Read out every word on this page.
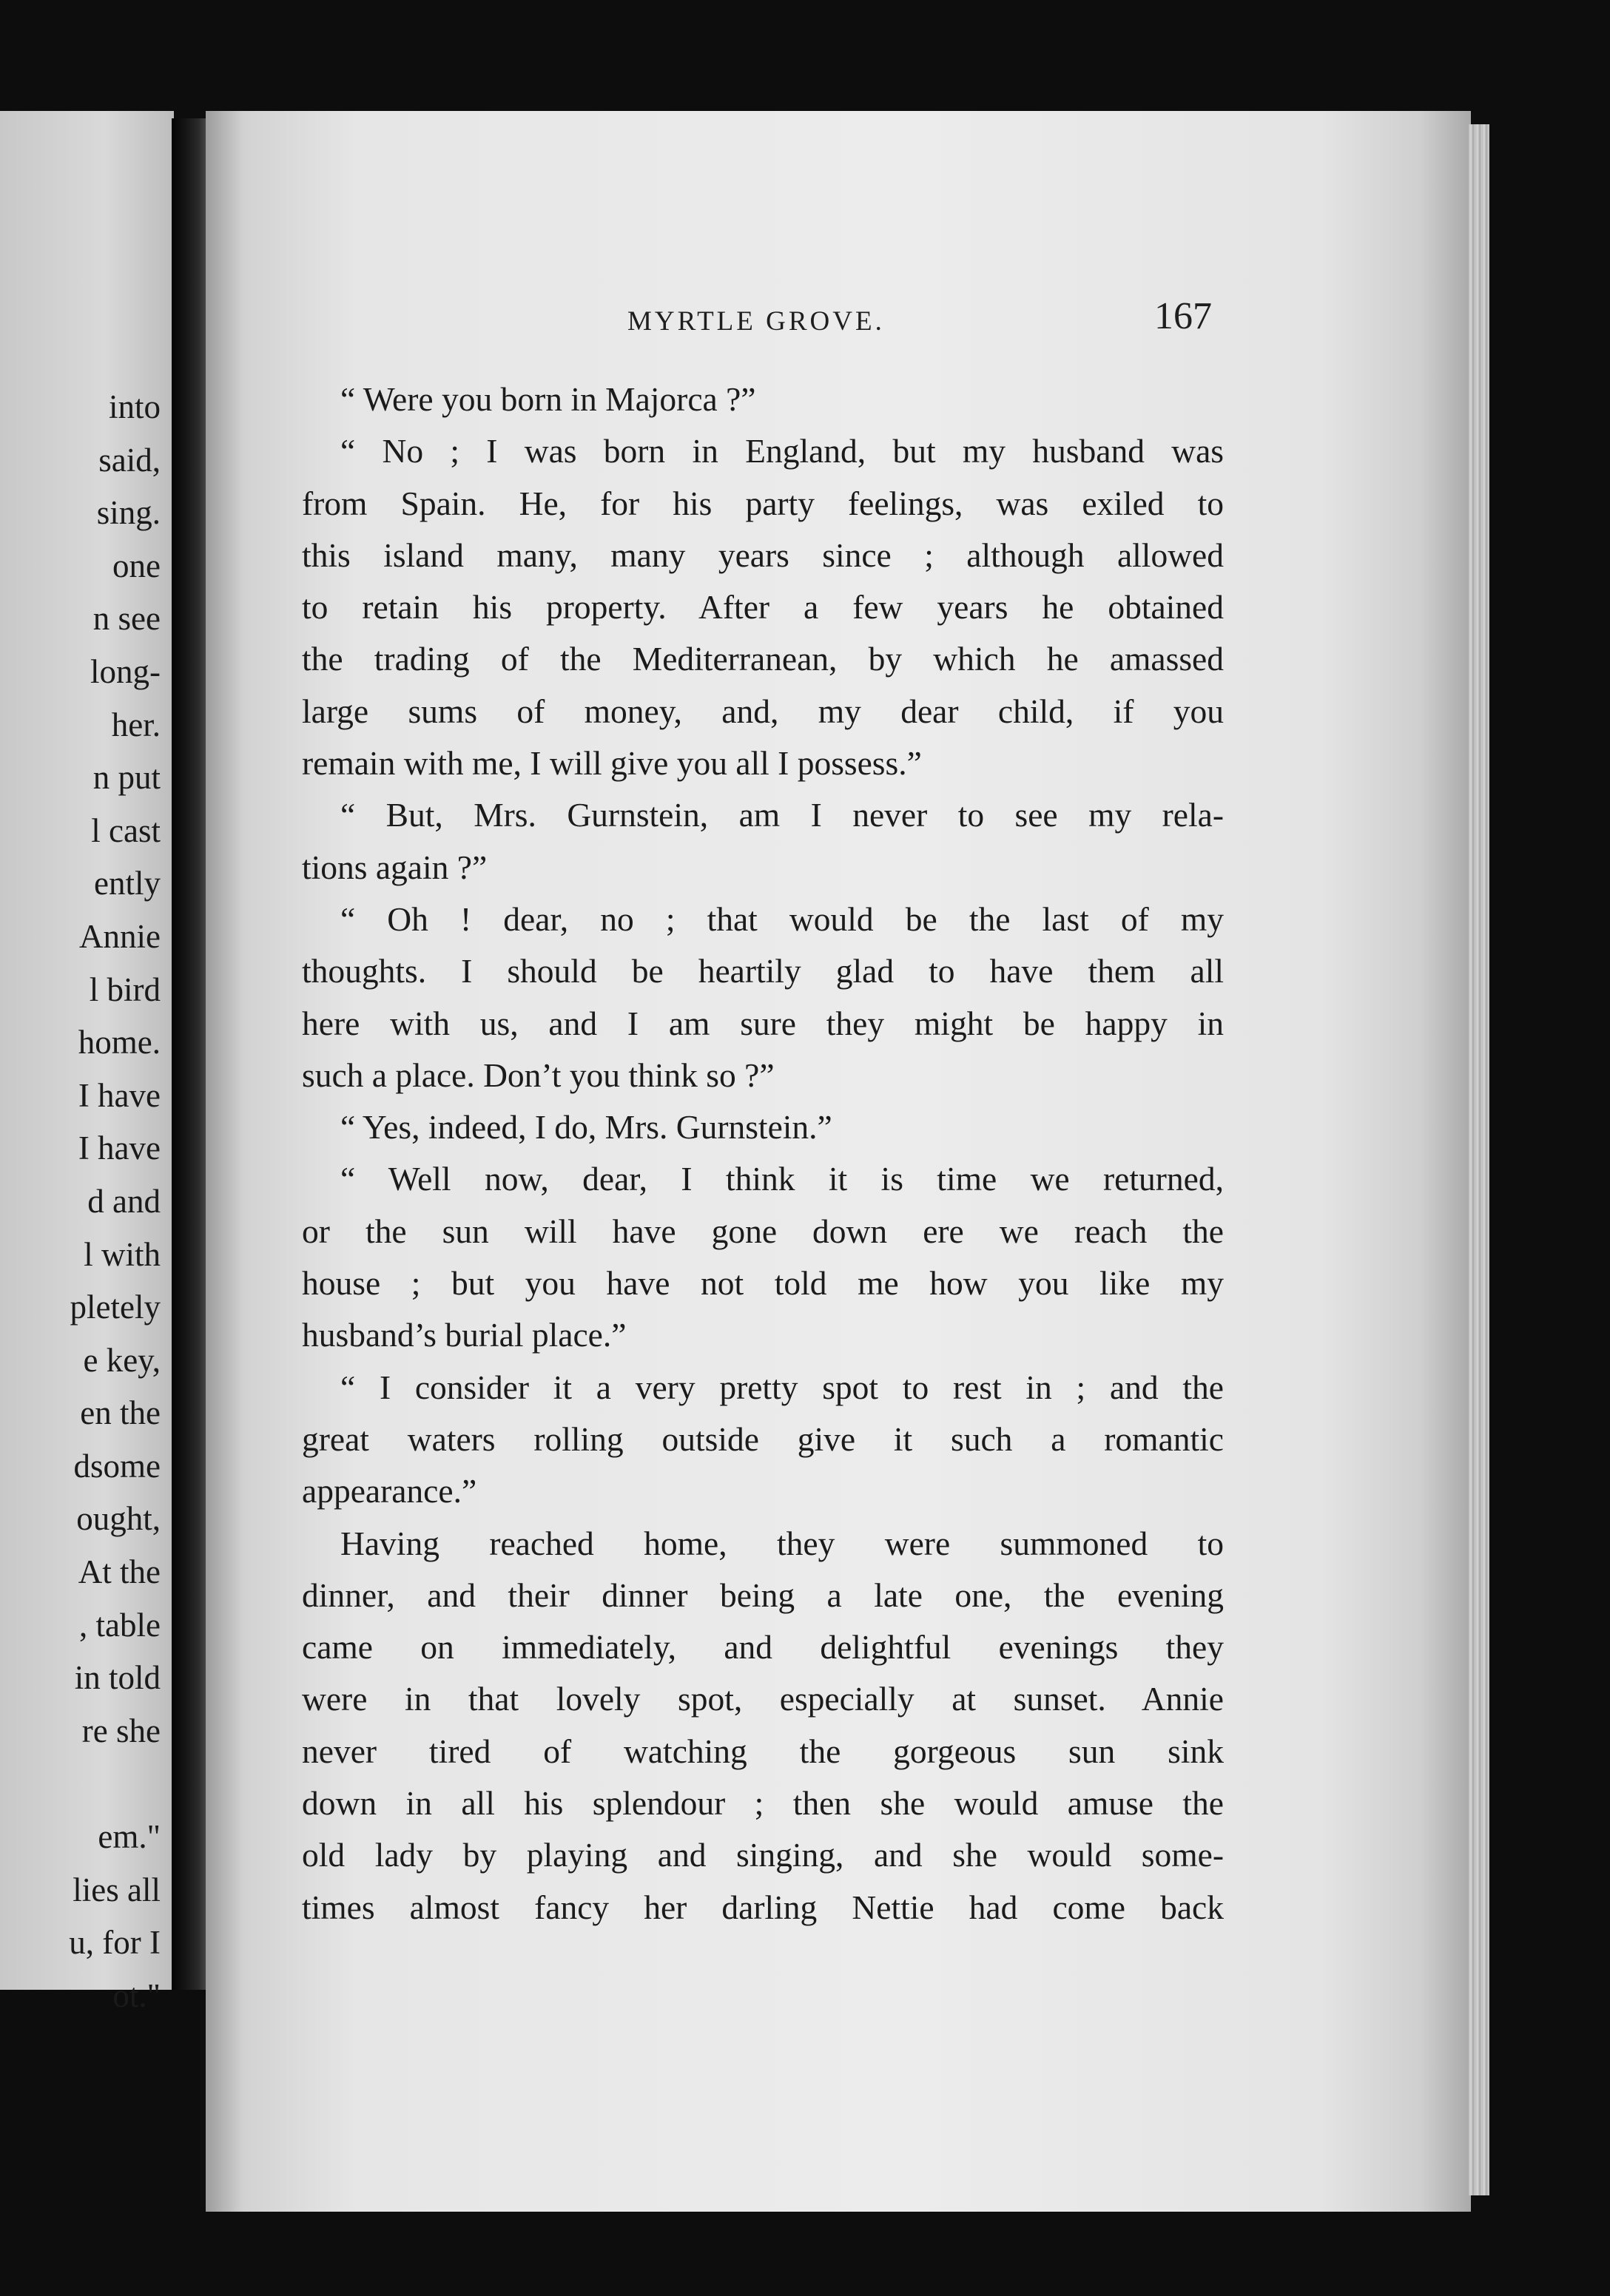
into
said,
sing.
one
n see
long-
her.
n put
l cast
ently
Annie
l bird
home.
I have
I have
d and
l with
pletely
e key,
en the
dsome
ought,
At the
, table
in told
re she
em."
lies all
u, for I
ot."
MYRTLE GROVE.	167
“ Were you born in Majorca ?”
“ No ; I was born in England, but my husband was
from Spain. He, for his party feelings, was exiled to
this island many, many years since ; although allowed
to retain his property. After a few years he obtained
the trading of the Mediterranean, by which he amassed
large sums of money, and, my dear child, if you
remain with me, I will give you all I possess.”
“ But, Mrs. Gurnstein, am I never to see my rela-
tions again ?”
“ Oh ! dear, no ; that would be the last of my
thoughts. I should be heartily glad to have them all
here with us, and I am sure they might be happy in
such a place. Don’t you think so ?”
“ Yes, indeed, I do, Mrs. Gurnstein.”
“ Well now, dear, I think it is time we returned,
or the sun will have gone down ere we reach the
house ; but you have not told me how you like my
husband’s burial place.”
“ I consider it a very pretty spot to rest in ; and the
great waters rolling outside give it such a romantic
appearance.”
Having reached home, they were summoned to
dinner, and their dinner being a late one, the evening
came on immediately, and delightful evenings they
were in that lovely spot, especially at sunset. Annie
never tired of watching the gorgeous sun sink
down in all his splendour ; then she would amuse the
old lady by playing and singing, and she would some-
times almost fancy her darling Nettie had come back
